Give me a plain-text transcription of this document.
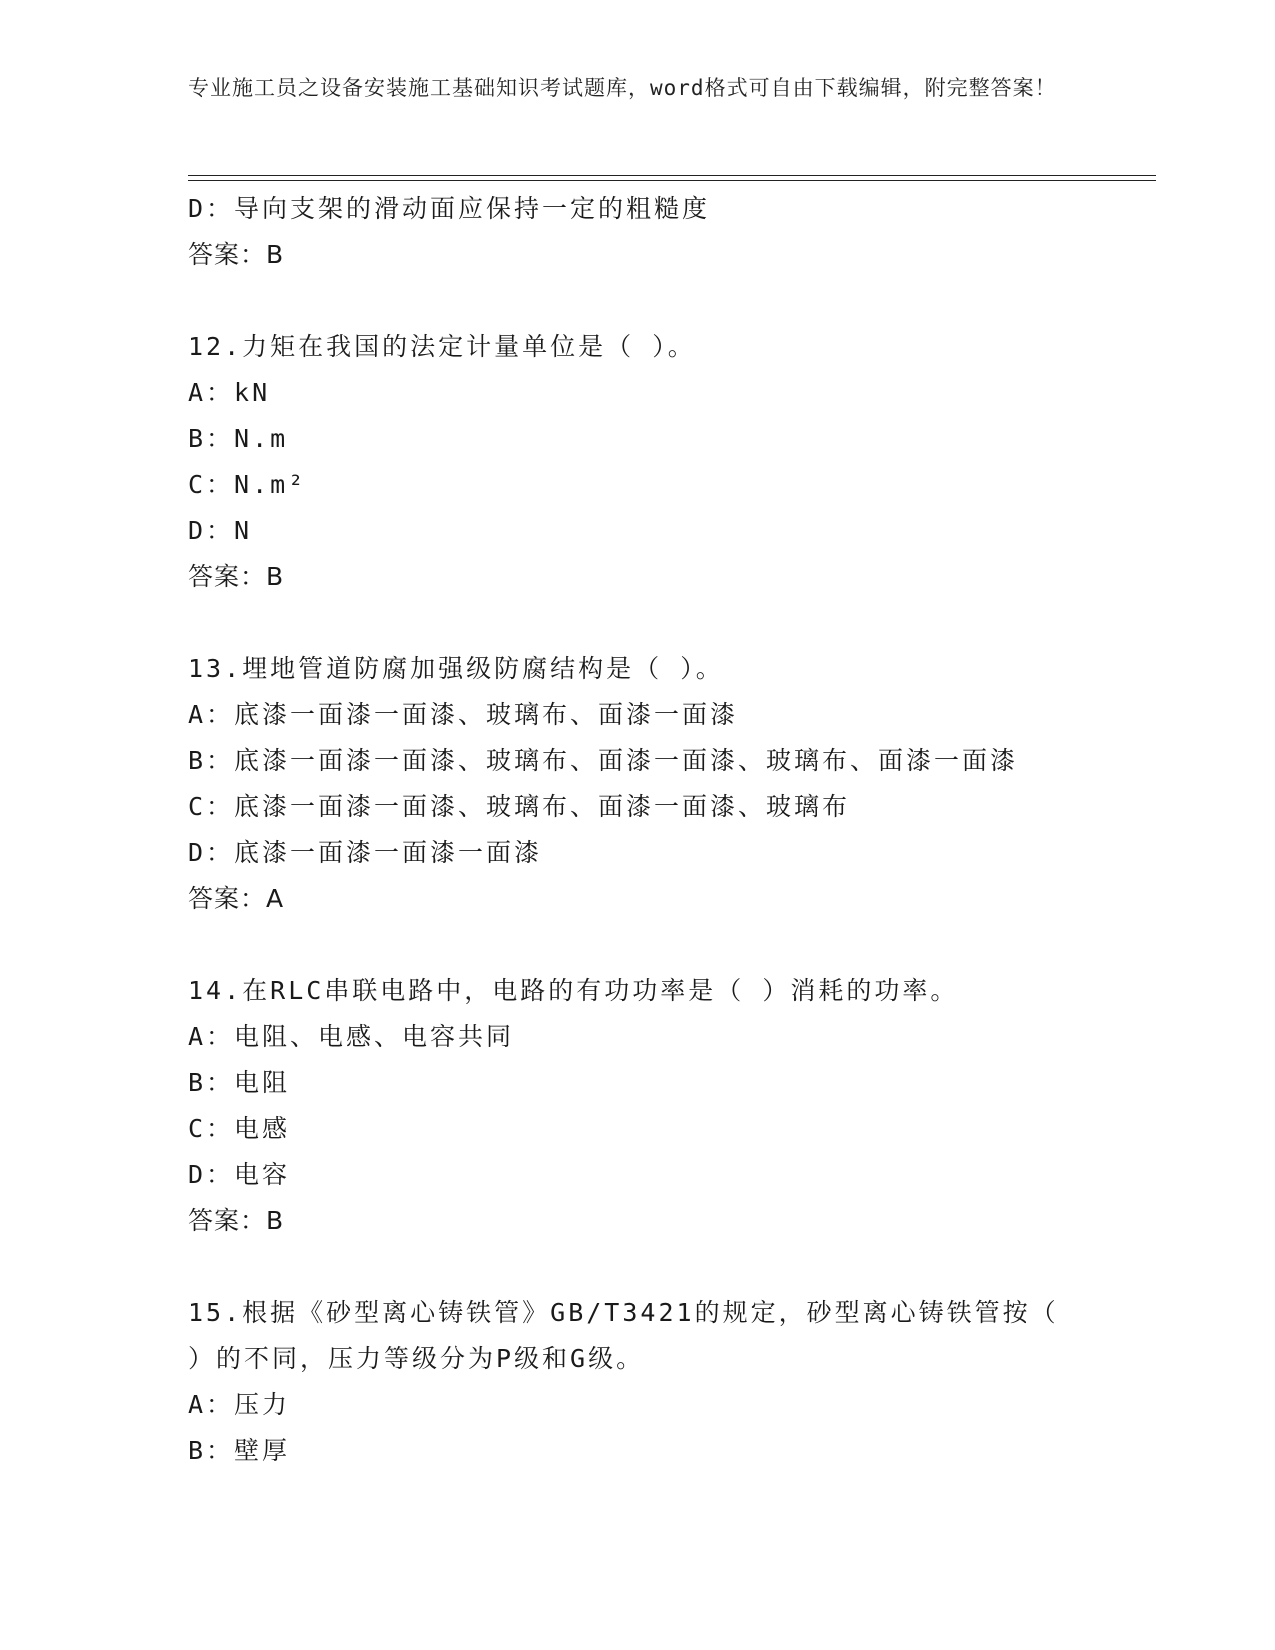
专业施工员之设备安装施工基础知识考试题库，word格式可自由下载编辑，附完整答案！
D：导向支架的滑动面应保持一定的粗糙度
答案：B
12.力矩在我国的法定计量单位是（ ）。
A：kN
B：N.m
C：N.m²
D：N
答案：B
13.埋地管道防腐加强级防腐结构是（ ）。
A：底漆一面漆一面漆、玻璃布、面漆一面漆
B：底漆一面漆一面漆、玻璃布、面漆一面漆、玻璃布、面漆一面漆
C：底漆一面漆一面漆、玻璃布、面漆一面漆、玻璃布
D：底漆一面漆一面漆一面漆
答案：A
14.在RLC串联电路中，电路的有功功率是（ ）消耗的功率。
A：电阻、电感、电容共同
B：电阻
C：电感
D：电容
答案：B
15.根据《砂型离心铸铁管》GB/T3421的规定，砂型离心铸铁管按（ ）的不同，压力等级分为P级和G级。
A：压力
B：壁厚
